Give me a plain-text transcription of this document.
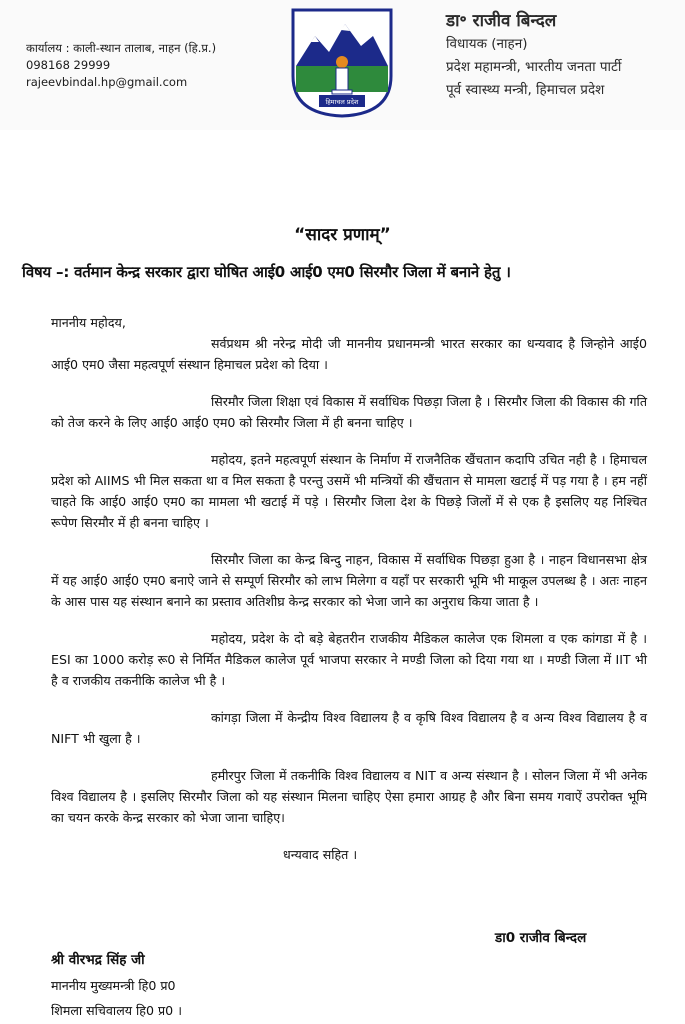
कार्यालय : काली-स्थान तालाब, नाहन (हि.प्र.)
098168 29999
rajeevbindal.hp@gmail.com
हिमाचल प्रदेश
डा॰ राजीव बिन्दल
विधायक (नाहन)
प्रदेश महामन्त्री, भारतीय जनता पार्टी
पूर्व स्वास्थ्य मन्त्री, हिमाचल प्रदेश
“सादर प्रणाम्”
विषय –: वर्तमान केन्द्र सरकार द्वारा घोषित आई0 आई0 एम0 सिरमौर जिला में बनाने हेतु ।

माननीय महोदय,

सर्वप्रथम श्री नरेन्द्र मोदी जी माननीय प्रधानमन्त्री भारत सरकार का धन्यवाद है जिन्होने आई0 आई0 एम0 जैसा महत्वपूर्ण संस्थान हिमाचल प्रदेश को दिया ।

सिरमौर जिला शिक्षा एवं विकास में सर्वाधिक पिछड़ा जिला है । सिरमौर जिला की विकास की गति को तेज करने के लिए आई0 आई0 एम0 को सिरमौर जिला में ही बनना चाहिए ।

महोदय, इतने महत्वपूर्ण संस्थान के निर्माण में राजनैतिक खैंचतान कदापि उचित नही है । हिमाचल प्रदेश को AIIMS भी मिल सकता था व मिल सकता है परन्तु उसमें भी मन्त्रियों की खैंचतान से मामला खटाई में पड़ गया है । हम नहीं चाहते कि आई0 आई0 एम0 का मामला भी खटाई में पड़े । सिरमौर जिला देश के पिछड़े जिलों में से एक है इसलिए यह निश्चित रूपेण सिरमौर में ही बनना चाहिए ।

सिरमौर जिला का केन्द्र बिन्दु नाहन, विकास में सर्वाधिक पिछड़ा हुआ है । नाहन विधानसभा क्षेत्र में यह आई0 आई0 एम0 बनाऐ जाने से सम्पूर्ण सिरमौर को लाभ मिलेगा व यहाँ पर सरकारी भूमि भी माकूल उपलब्ध है । अतः नाहन के आस पास यह संस्थान बनाने का प्रस्ताव अतिशीघ्र केन्द्र सरकार को भेजा जाने का अनुराध किया जाता है ।

महोदय, प्रदेश के दो बड़े बेहतरीन राजकीय मैडिकल कालेज एक शिमला व एक कांगडा में है । ESI का 1000 करोड़ रू0 से निर्मित मैडिकल कालेज पूर्व भाजपा सरकार ने मण्डी जिला को दिया गया था । मण्डी जिला में IIT भी है व राजकीय तकनीकि कालेज भी है ।

कांगड़ा जिला में केन्द्रीय विश्व विद्यालय है व कृषि विश्व विद्यालय है व अन्य विश्व विद्यालय है व NIFT भी खुला है ।

हमीरपुर जिला में तकनीकि विश्व विद्यालय व NIT व अन्य संस्थान है । सोलन जिला में भी अनेक विश्व विद्यालय है । इसलिए सिरमौर जिला को यह संस्थान मिलना चाहिए ऐसा हमारा आग्रह है और बिना समय गवाऐं उपरोक्त भूमि का चयन करके केन्द्र सरकार को भेजा जाना चाहिए।

धन्यवाद सहित ।

डा0 राजीव बिन्दल
श्री वीरभद्र सिंह जी
माननीय मुख्यमन्त्री हि0 प्र0
शिमला सचिवालय हि0 प्र0 ।
